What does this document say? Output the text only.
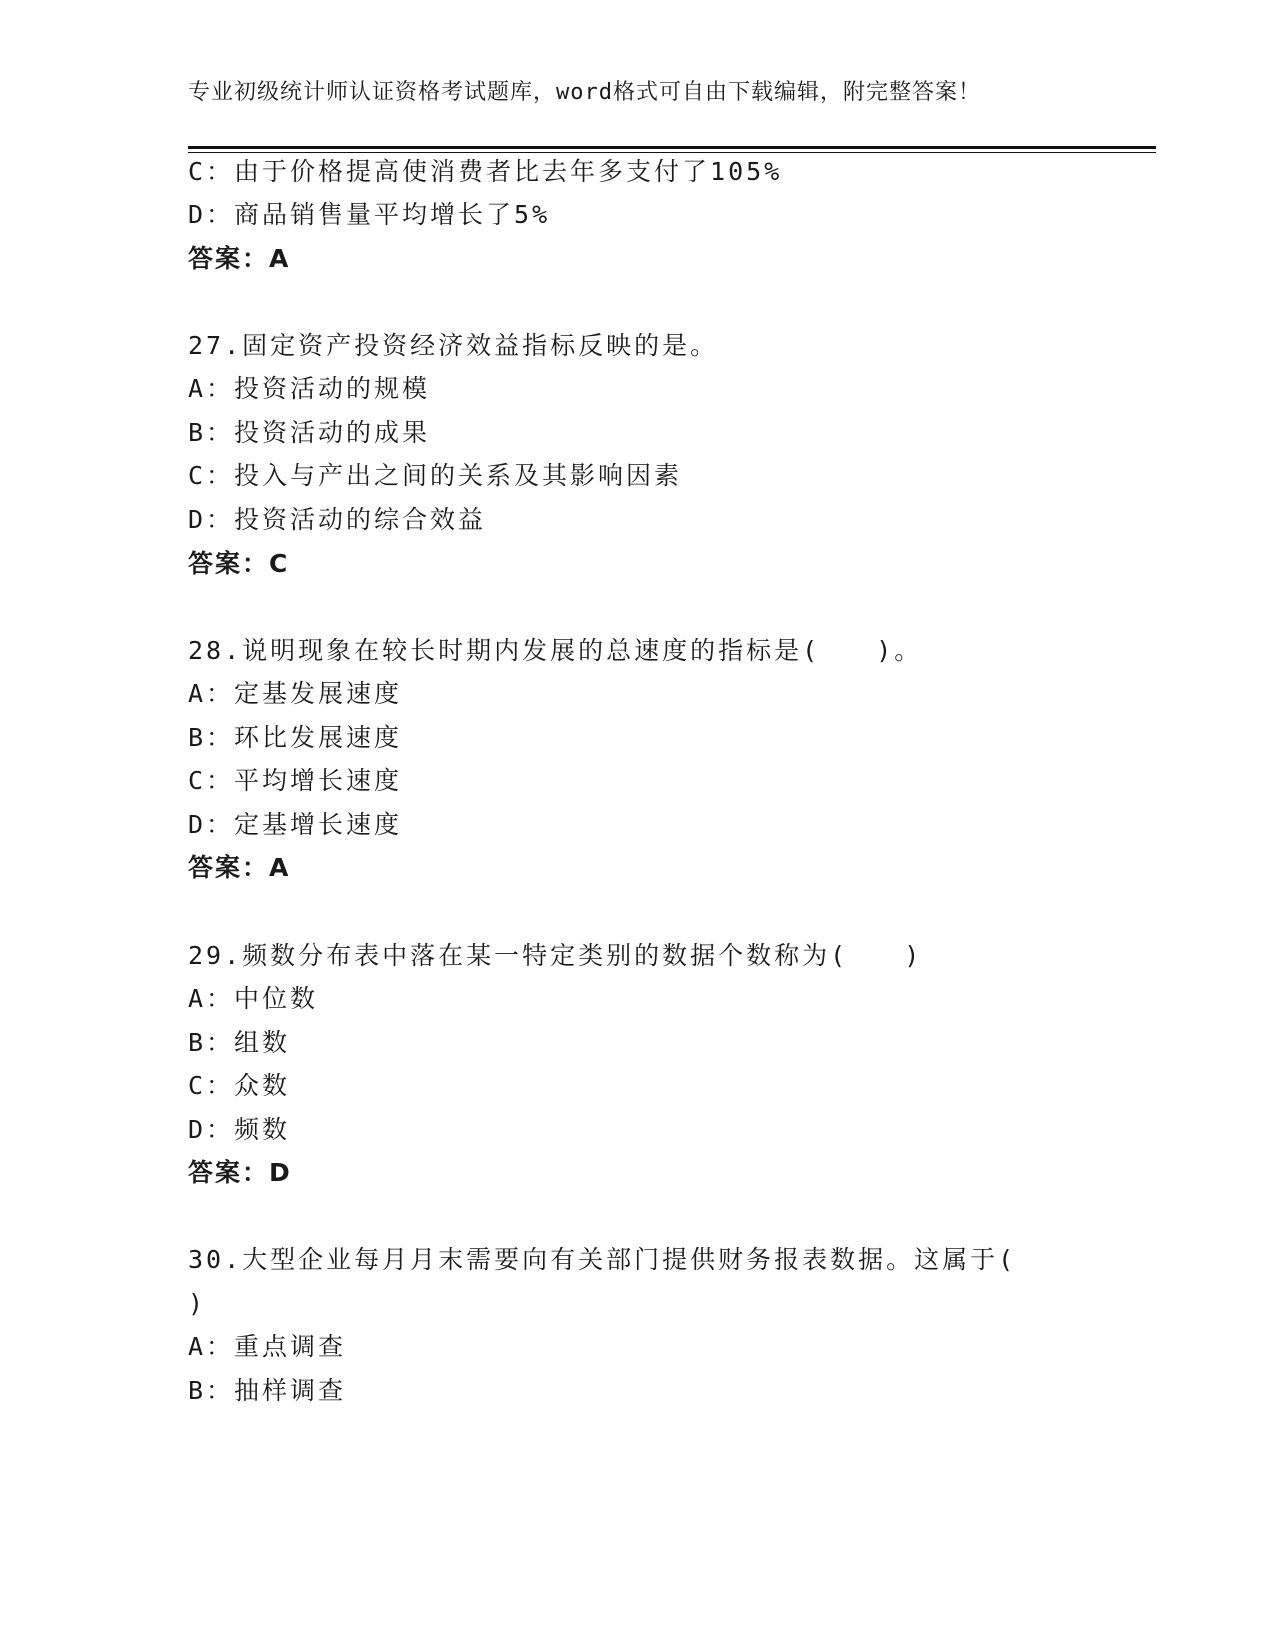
专业初级统计师认证资格考试题库，word格式可自由下载编辑，附完整答案！
C：由于价格提高使消费者比去年多支付了105%
D：商品销售量平均增长了5%
答案：A
27.固定资产投资经济效益指标反映的是。
A：投资活动的规模
B：投资活动的成果
C：投入与产出之间的关系及其影响因素
D：投资活动的综合效益
答案：C
28.说明现象在较长时期内发展的总速度的指标是(　　)。
A：定基发展速度
B：环比发展速度
C：平均增长速度
D：定基增长速度
答案：A
29.频数分布表中落在某一特定类别的数据个数称为(　　)
A：中位数
B：组数
C：众数
D：频数
答案：D
30.大型企业每月月末需要向有关部门提供财务报表数据。这属于(
)
A：重点调查
B：抽样调查
